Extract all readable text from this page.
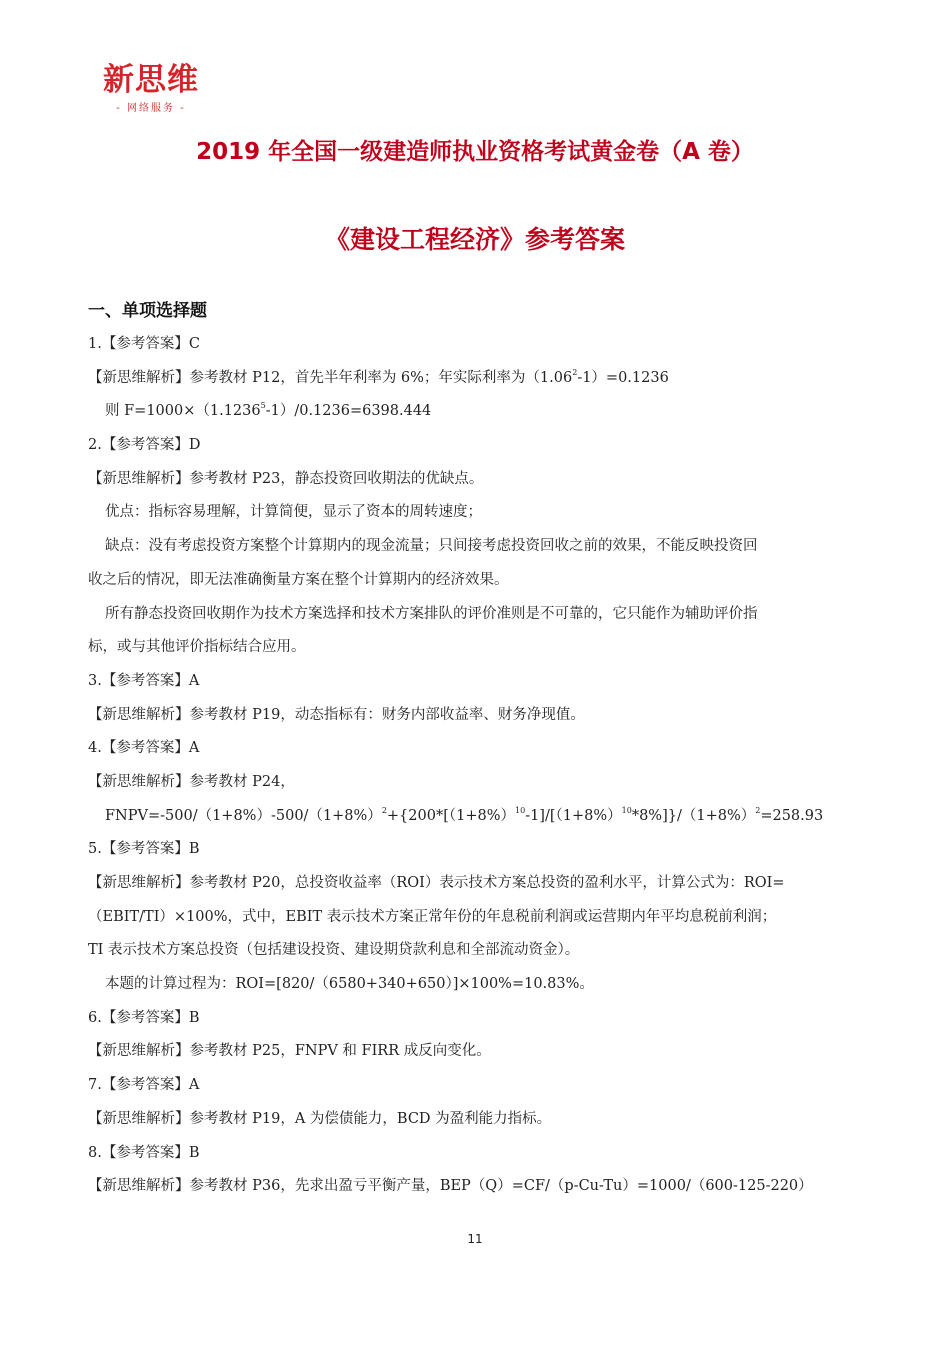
新思维
- 网络服务 -
2019 年全国一级建造师执业资格考试黄金卷（A 卷）
《建设工程经济》参考答案
一、单项选择题
1.【参考答案】C
【新思维解析】参考教材 P12，首先半年利率为 6%；年实际利率为$(1.06^2-1)=0.1236$
则 $F=1000\times(1.1236^5-1)/0.1236=6398.444$
2.【参考答案】D
【新思维解析】参考教材 P23，静态投资回收期法的优缺点。
优点：指标容易理解，计算简便，显示了资本的周转速度；
缺点：没有考虑投资方案整个计算期内的现金流量；只间接考虑投资回收之前的效果，不能反映投资回
收之后的情况，即无法准确衡量方案在整个计算期内的经济效果。
所有静态投资回收期作为技术方案选择和技术方案排队的评价准则是不可靠的，它只能作为辅助评价指
标，或与其他评价指标结合应用。
3.【参考答案】A
【新思维解析】参考教材 P19，动态指标有：财务内部收益率、财务净现值。
4.【参考答案】A
【新思维解析】参考教材 P24，
$FNPV=-500/(1+8\%)-500/(1+8\%)^2+\{200*[(1+8\%)^{10}-1]/[(1+8\%)^{10}*8\%]\}/(1+8\%)^2=258.93$
5.【参考答案】B
【新思维解析】参考教材 P20，总投资收益率（ROI）表示技术方案总投资的盈利水平，计算公式为：ROI=
（EBIT/TI）×100%，式中，EBIT 表示技术方案正常年份的年息税前利润或运营期内年平均息税前利润；
TI 表示技术方案总投资（包括建设投资、建设期贷款利息和全部流动资金）。
本题的计算过程为：ROI=[820/（6580+340+650）]×100%=10.83%。
6.【参考答案】B
【新思维解析】参考教材 P25，FNPV 和 FIRR 成反向变化。
7.【参考答案】A
【新思维解析】参考教材 P19，A 为偿债能力，BCD 为盈利能力指标。
8.【参考答案】B
【新思维解析】参考教材 P36，先求出盈亏平衡产量，BEP（Q）=CF/（p-Cu-Tu）=1000/（600-125-220）
11
